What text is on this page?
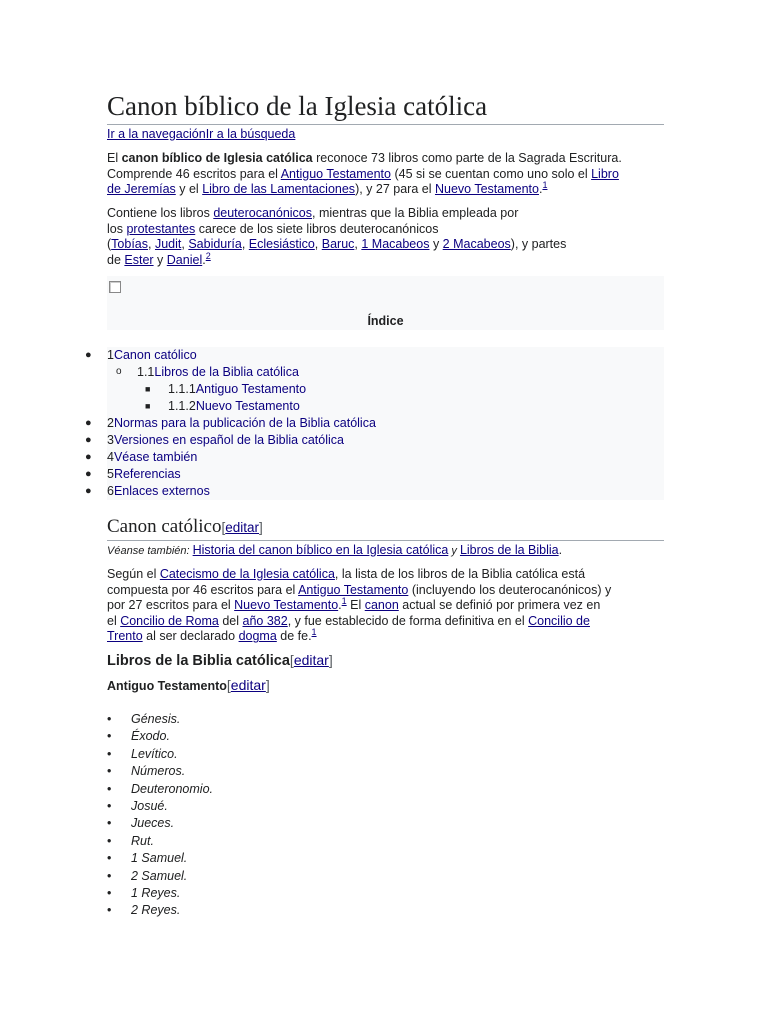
Canon bíblico de la Iglesia católica
Ir a la navegaciónIr a la búsqueda

El canon bíblico de Iglesia católica reconoce 73 libros como parte de la Sagrada Escritura.
Comprende 46 escritos para el Antiguo Testamento (45 si se cuentan como uno solo el Libro
de Jeremías y el Libro de las Lamentaciones), y 27 para el Nuevo Testamento.$^1$

Contiene los libros deuterocanónicos, mientras que la Biblia empleada por
los protestantes carece de los siete libros deuterocanónicos
(Tobías, Judit, Sabiduría, Eclesiástico, Baruc, 1 Macabeos y 2 Macabeos), y partes
de Ester y Daniel.$^2$

Índice
● 1Canon católico
o 1.1Libros de la Biblia católica
■ 1.1.1Antiguo Testamento
■ 1.1.2Nuevo Testamento
● 2Normas para la publicación de la Biblia católica
● 3Versiones en español de la Biblia católica
● 4Véase también
● 5Referencias
● 6Enlaces externos
Canon católico[editar]
Véanse también: Historia del canon bíblico en la Iglesia católica y Libros de la Biblia.

Según el Catecismo de la Iglesia católica, la lista de los libros de la Biblia católica está
compuesta por 46 escritos para el Antiguo Testamento (incluyendo los deuterocanónicos) y
por 27 escritos para el Nuevo Testamento.$^1$ El canon actual se definió por primera vez en
el Concilio de Roma del año 382, y fue establecido de forma definitiva en el Concilio de
Trento al ser declarado dogma de fe.$^1$

Libros de la Biblia católica[editar]
Antiguo Testamento[editar]
• Génesis.
• Éxodo.
• Levítico.
• Números.
• Deuteronomio.
• Josué.
• Jueces.
• Rut.
• 1 Samuel.
• 2 Samuel.
• 1 Reyes.
• 2 Reyes.
